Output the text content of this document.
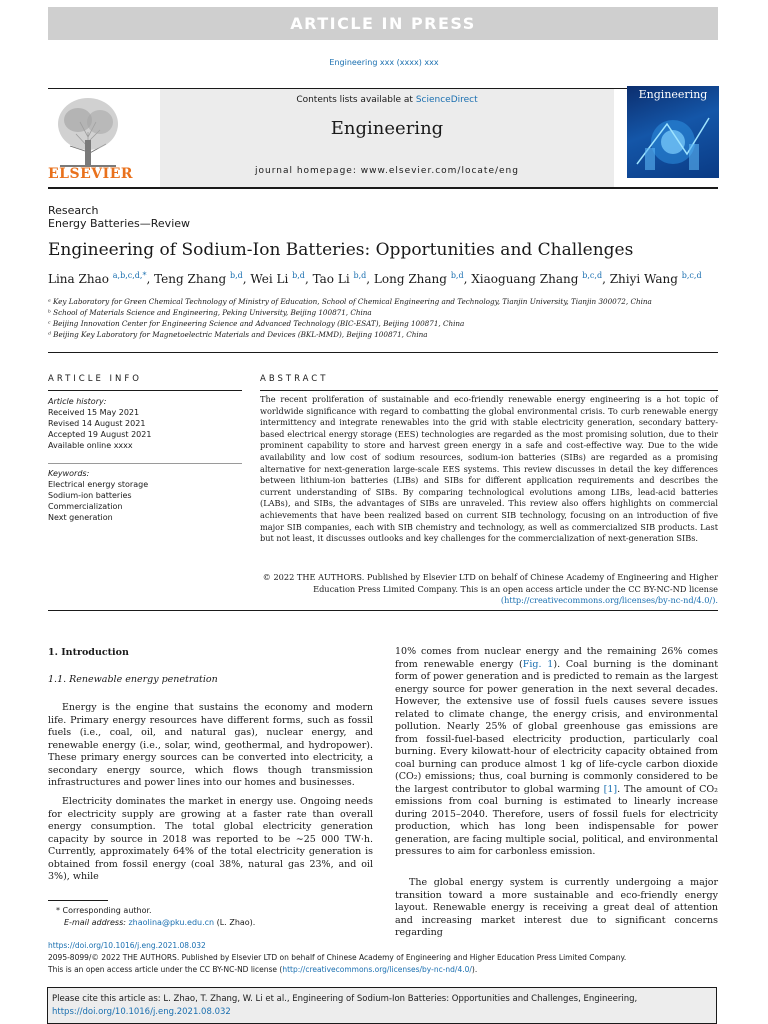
ARTICLE IN PRESS
Engineering xxx (xxxx) xxx
Contents lists available at ScienceDirect
Engineering
journal homepage: www.elsevier.com/locate/eng
ELSEVIER
Engineering
Research
Energy Batteries—Review
Engineering of Sodium-Ion Batteries: Opportunities and Challenges
Lina Zhao $^{a,b,c,d,*}$, Teng Zhang $^{b,d}$, Wei Li $^{b,d}$, Tao Li $^{b,d}$, Long Zhang $^{b,d}$, Xiaoguang Zhang $^{b,c,d}$, Zhiyi Wang $^{b,c,d}$
ᵃ Key Laboratory for Green Chemical Technology of Ministry of Education, School of Chemical Engineering and Technology, Tianjin University, Tianjin 300072, China
ᵇ School of Materials Science and Engineering, Peking University, Beijing 100871, China
ᶜ Beijing Innovation Center for Engineering Science and Advanced Technology (BIC-ESAT), Beijing 100871, China
ᵈ Beijing Key Laboratory for Magnetoelectric Materials and Devices (BKL-MMD), Beijing 100871, China
ARTICLE INFO
Article history:
Received 15 May 2021
Revised 14 August 2021
Accepted 19 August 2021
Available online xxxx
Keywords:
Electrical energy storage
Sodium-ion batteries
Commercialization
Next generation
ABSTRACT
The recent proliferation of sustainable and eco-friendly renewable energy engineering is a hot topic of worldwide significance with regard to combatting the global environmental crisis. To curb renewable energy intermittency and integrate renewables into the grid with stable electricity generation, secondary battery-based electrical energy storage (EES) technologies are regarded as the most promising solution, due to their prominent capability to store and harvest green energy in a safe and cost-effective way. Due to the wide availability and low cost of sodium resources, sodium-ion batteries (SIBs) are regarded as a promising alternative for next-generation large-scale EES systems. This review discusses in detail the key differences between lithium-ion batteries (LIBs) and SIBs for different application requirements and describes the current understanding of SIBs. By comparing technological evolutions among LIBs, lead-acid batteries (LABs), and SIBs, the advantages of SIBs are unraveled. This review also offers highlights on commercial achievements that have been realized based on current SIB technology, focusing on an introduction of five major SIB companies, each with SIB chemistry and technology, as well as commercialized SIB products. Last but not least, it discusses outlooks and key challenges for the commercialization of next-generation SIBs.
© 2022 THE AUTHORS. Published by Elsevier LTD on behalf of Chinese Academy of Engineering and Higher Education Press Limited Company. This is an open access article under the CC BY-NC-ND license (http://creativecommons.org/licenses/by-nc-nd/4.0/).
1. Introduction
1.1. Renewable energy penetration
Energy is the engine that sustains the economy and modern life. Primary energy resources have different forms, such as fossil fuels (i.e., coal, oil, and natural gas), nuclear energy, and renewable energy (i.e., solar, wind, geothermal, and hydropower). These primary energy sources can be converted into electricity, a secondary energy source, which flows though transmission infrastructures and power lines into our homes and businesses.
Electricity dominates the market in energy use. Ongoing needs for electricity supply are growing at a faster rate than overall energy consumption. The total global electricity generation capacity by source in 2018 was reported to be ∼25 000 TW·h. Currently, approximately 64% of the total electricity generation is obtained from fossil energy (coal 38%, natural gas 23%, and oil 3%), while
10% comes from nuclear energy and the remaining 26% comes from renewable energy (Fig. 1). Coal burning is the dominant form of power generation and is predicted to remain as the largest energy source for power generation in the next several decades. However, the extensive use of fossil fuels causes severe issues related to climate change, the energy crisis, and environmental pollution. Nearly 25% of global greenhouse gas emissions are from fossil-fuel-based electricity production, particularly coal burning. Every kilowatt-hour of electricity capacity obtained from coal burning can produce almost 1 kg of life-cycle carbon dioxide (CO₂) emissions; thus, coal burning is commonly considered to be the largest contributor to global warming [1]. The amount of CO₂ emissions from coal burning is estimated to linearly increase during 2015–2040. Therefore, users of fossil fuels for electricity production, which has long been indispensable for power generation, are facing multiple social, political, and environmental pressures to aim for carbonless emission.
The global energy system is currently undergoing a major transition toward a more sustainable and eco-friendly energy layout. Renewable energy is receiving a great deal of attention and increasing market interest due to significant concerns regarding
* Corresponding author.
E-mail address: zhaolina@pku.edu.cn (L. Zhao).
https://doi.org/10.1016/j.eng.2021.08.032
2095-8099/© 2022 THE AUTHORS. Published by Elsevier LTD on behalf of Chinese Academy of Engineering and Higher Education Press Limited Company.
This is an open access article under the CC BY-NC-ND license (http://creativecommons.org/licenses/by-nc-nd/4.0/).
Please cite this article as: L. Zhao, T. Zhang, W. Li et al., Engineering of Sodium-Ion Batteries: Opportunities and Challenges, Engineering, https://doi.org/10.1016/j.eng.2021.08.032
